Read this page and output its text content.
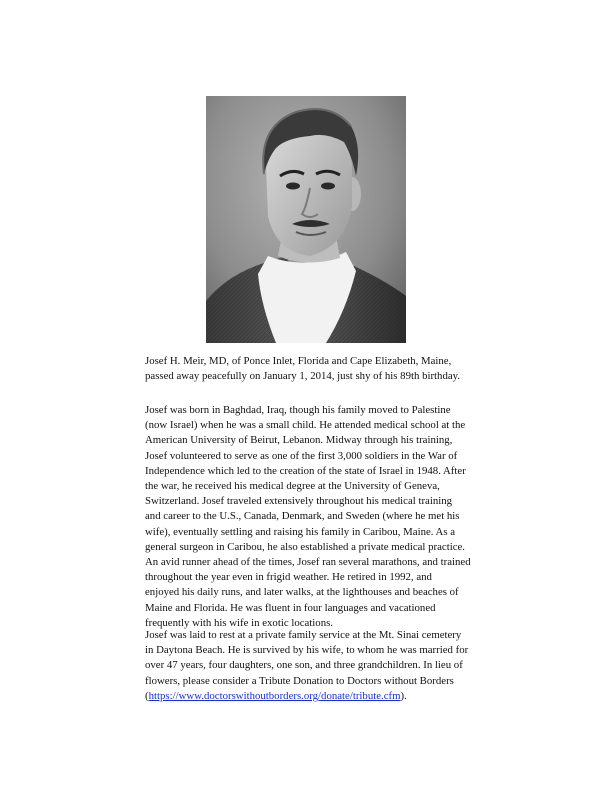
Josef H. Meir, MD, of Ponce Inlet, Florida and Cape Elizabeth, Maine,
passed away peacefully on January 1, 2014, just shy of his 89th birthday.
Josef was born in Baghdad, Iraq, though his family moved to Palestine
(now Israel) when he was a small child. He attended medical school at the
American University of Beirut, Lebanon. Midway through his training,
Josef volunteered to serve as one of the first 3,000 soldiers in the War of
Independence which led to the creation of the state of Israel in 1948. After
the war, he received his medical degree at the University of Geneva,
Switzerland. Josef traveled extensively throughout his medical training
and career to the U.S., Canada, Denmark, and Sweden (where he met his
wife), eventually settling and raising his family in Caribou, Maine. As a
general surgeon in Caribou, he also established a private medical practice.
An avid runner ahead of the times, Josef ran several marathons, and trained
throughout the year even in frigid weather. He retired in 1992, and
enjoyed his daily runs, and later walks, at the lighthouses and beaches of
Maine and Florida. He was fluent in four languages and vacationed
frequently with his wife in exotic locations.
Josef was laid to rest at a private family service at the Mt. Sinai cemetery
in Daytona Beach. He is survived by his wife, to whom he was married for
over 47 years, four daughters, one son, and three grandchildren. In lieu of
flowers, please consider a Tribute Donation to Doctors without Borders
(https://www.doctorswithoutborders.org/donate/tribute.cfm).
